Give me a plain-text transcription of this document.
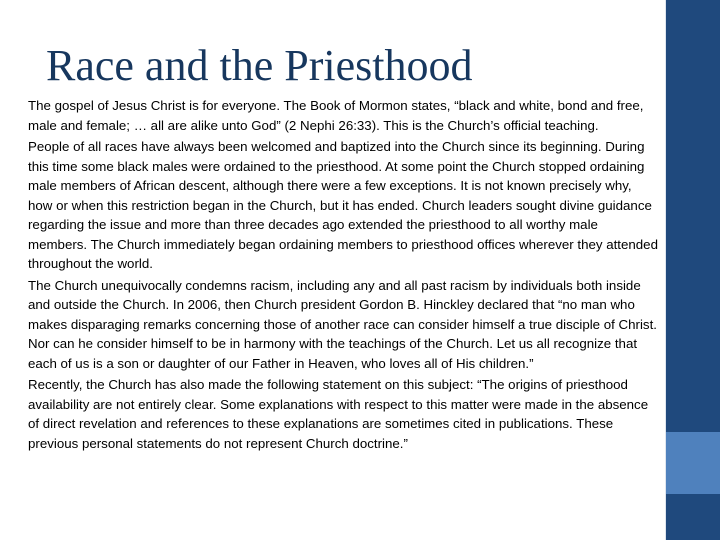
Race and the Priesthood

The gospel of Jesus Christ is for everyone. The Book of Mormon states, “black and white, bond and free, male and female; … all are alike unto God” (2 Nephi 26:33). This is the Church’s official teaching.

People of all races have always been welcomed and baptized into the Church since its beginning. During this time some black males were ordained to the priesthood. At some point the Church stopped ordaining male members of African descent, although there were a few exceptions. It is not known precisely why, how or when this restriction began in the Church, but it has ended. Church leaders sought divine guidance regarding the issue and more than three decades ago extended the priesthood to all worthy male members. The Church immediately began ordaining members to priesthood offices wherever they attended throughout the world.

The Church unequivocally condemns racism, including any and all past racism by individuals both inside and outside the Church. In 2006, then Church president Gordon B. Hinckley declared that “no man who makes disparaging remarks concerning those of another race can consider himself a true disciple of Christ. Nor can he consider himself to be in harmony with the teachings of the Church. Let us all recognize that each of us is a son or daughter of our Father in Heaven, who loves all of His children.”

Recently, the Church has also made the following statement on this subject: “The origins of priesthood availability are not entirely clear. Some explanations with respect to this matter were made in the absence of direct revelation and references to these explanations are sometimes cited in publications. These previous personal statements do not represent Church doctrine.”
